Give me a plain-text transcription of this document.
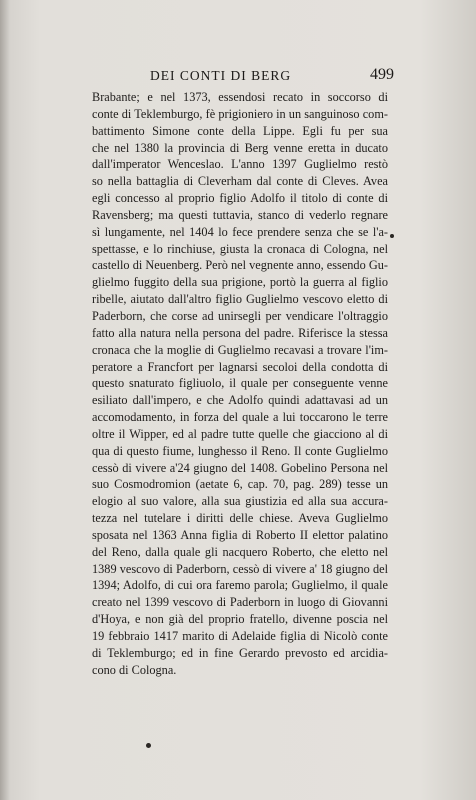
DEI CONTI DI BERG	499
Brabante; e nel 1373, essendosi recato in soccorso di
conte di Teklemburgo, fè prigioniero in un sanguinoso com-
battimento Simone conte della Lippe. Egli fu per sua
che nel 1380 la provincia di Berg venne eretta in ducato
dall'imperator Wenceslao. L'anno 1397 Guglielmo restò
so nella battaglia di Cleverham dal conte di Cleves. Avea
egli concesso al proprio figlio Adolfo il titolo di conte di
Ravensberg; ma questi tuttavia, stanco di vederlo regnare
sì lungamente, nel 1404 lo fece prendere senza che se l'a-
spettasse, e lo rinchiuse, giusta la cronaca di Cologna, nel
castello di Neuenberg. Però nel vegnente anno, essendo Gu-
glielmo fuggito della sua prigione, portò la guerra al figlio
ribelle, aiutato dall'altro figlio Guglielmo vescovo eletto di
Paderborn, che corse ad unirsegli per vendicare l'oltraggio
fatto alla natura nella persona del padre. Riferisce la stessa
cronaca che la moglie di Guglielmo recavasi a trovare l'im-
peratore a Francfort per lagnarsi secoloi della condotta di
questo snaturato figliuolo, il quale per conseguente venne
esiliato dall'impero, e che Adolfo quindi adattavasi ad un
accomodamento, in forza del quale a lui toccarono le terre
oltre il Wipper, ed al padre tutte quelle che giacciono al di
qua di questo fiume, lunghesso il Reno. Il conte Guglielmo
cessò di vivere a'24 giugno del 1408. Gobelino Persona nel
suo Cosmodromion (aetate 6, cap. 70, pag. 289) tesse un
elogio al suo valore, alla sua giustizia ed alla sua accura-
tezza nel tutelare i diritti delle chiese. Aveva Guglielmo
sposata nel 1363 Anna figlia di Roberto II elettor palatino
del Reno, dalla quale gli nacquero Roberto, che eletto nel
1389 vescovo di Paderborn, cessò di vivere a' 18 giugno del
1394; Adolfo, di cui ora faremo parola; Guglielmo, il quale
creato nel 1399 vescovo di Paderborn in luogo di Giovanni
d'Hoya, e non già del proprio fratello, divenne poscia nel
19 febbraio 1417 marito di Adelaide figlia di Nicolò conte
di Teklemburgo; ed in fine Gerardo prevosto ed arcidia-
cono di Cologna.
